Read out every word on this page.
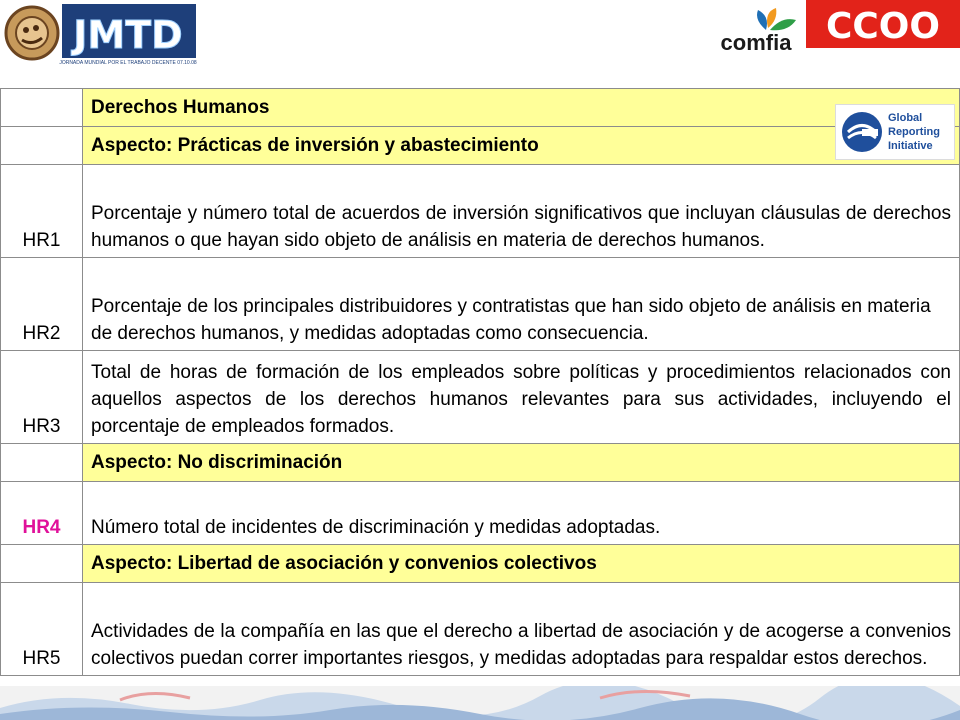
JMTD
JORNADA MUNDIAL POR EL TRABAJO DECENTE 07.10.08
comfia CCOO
	Derechos Humanos
	Aspecto: Prácticas de inversión y abastecimiento
HR1	Porcentaje y número total de acuerdos de inversión significativos que incluyan cláusulas de derechos humanos o que hayan sido objeto de análisis en materia de derechos humanos.
HR2	Porcentaje de los principales distribuidores y contratistas que han sido objeto de análisis en materia de derechos humanos, y medidas adoptadas como consecuencia.
HR3	Total de horas de formación de los empleados sobre políticas y procedimientos relacionados con aquellos aspectos de los derechos humanos relevantes para sus actividades, incluyendo el porcentaje de empleados formados.
	Aspecto: No discriminación
HR4	Número total de incidentes de discriminación y medidas adoptadas.
	Aspecto: Libertad de asociación y convenios colectivos
HR5	Actividades de la compañía en las que el derecho a libertad de asociación y de acogerse a convenios colectivos puedan correr importantes riesgos, y medidas adoptadas para respaldar estos derechos.
Global
Reporting
Initiative
